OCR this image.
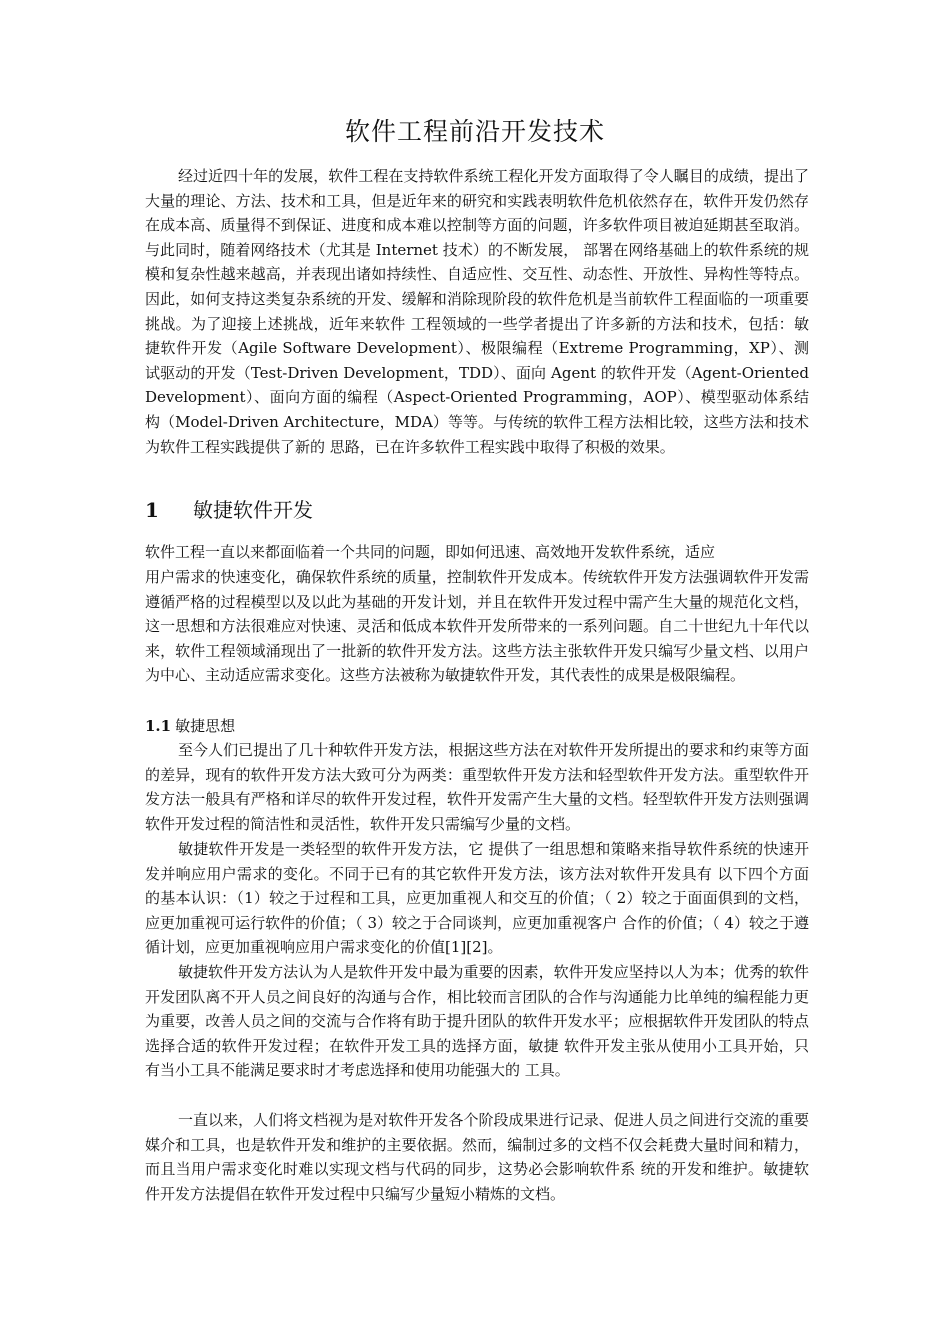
软件工程前沿开发技术

经过近四十年的发展，软件工程在支持软件系统工程化开发方面取得了令人瞩目的成绩，提出了大量的理论、方法、技术和工具，但是近年来的研究和实践表明软件危机依然存在，软件开发仍然存在成本高、质量得不到保证、进度和成本难以控制等方面的问题，许多软件项目被迫延期甚至取消。与此同时，随着网络技术（尤其是 Internet 技术）的不断发展， 部署在网络基础上的软件系统的规模和复杂性越来越高，并表现出诸如持续性、自适应性、交互性、动态性、开放性、异构性等特点。因此，如何支持这类复杂系统的开发、缓解和消除现阶段的软件危机是当前软件工程面临的一项重要挑战。为了迎接上述挑战，近年来软件 工程领域的一些学者提出了许多新的方法和技术，包括：敏捷软件开发（Agile Software Development）、极限编程（Extreme Programming，XP）、测试驱动的开发（Test-Driven Development，TDD）、面向 Agent 的软件开发（Agent-Oriented Development）、面向方面的编程（Aspect-Oriented Programming，AOP）、模型驱动体系结构（Model-Driven Architecture，MDA）等等。与传统的软件工程方法相比较，这些方法和技术为软件工程实践提供了新的 思路，已在许多软件工程实践中取得了积极的效果。

1 敏捷软件开发

软件工程一直以来都面临着一个共同的问题，即如何迅速、高效地开发软件系统，适应

用户需求的快速变化，确保软件系统的质量，控制软件开发成本。传统软件开发方法强调软件开发需遵循严格的过程模型以及以此为基础的开发计划，并且在软件开发过程中需产生大量的规范化文档，这一思想和方法很难应对快速、灵活和低成本软件开发所带来的一系列问题。自二十世纪九十年代以来，软件工程领域涌现出了一批新的软件开发方法。这些方法主张软件开发只编写少量文档、以用户为中心、主动适应需求变化。这些方法被称为敏捷软件开发，其代表性的成果是极限编程。

1.1 敏捷思想

至今人们已提出了几十种软件开发方法，根据这些方法在对软件开发所提出的要求和约束等方面的差异，现有的软件开发方法大致可分为两类：重型软件开发方法和轻型软件开发方法。重型软件开发方法一般具有严格和详尽的软件开发过程，软件开发需产生大量的文档。轻型软件开发方法则强调软件开发过程的简洁性和灵活性，软件开发只需编写少量的文档。

敏捷软件开发是一类轻型的软件开发方法，它 提供了一组思想和策略来指导软件系统的快速开发并响应用户需求的变化。不同于已有的其它软件开发方法，该方法对软件开发具有 以下四个方面的基本认识：（1）较之于过程和工具，应更加重视人和交互的价值；（ 2）较之于面面俱到的文档，应更加重视可运行软件的价值；（ 3）较之于合同谈判，应更加重视客户 合作的价值；（ 4）较之于遵循计划，应更加重视响应用户需求变化的价值[1][2]。

敏捷软件开发方法认为人是软件开发中最为重要的因素，软件开发应坚持以人为本；优秀的软件开发团队离不开人员之间良好的沟通与合作，相比较而言团队的合作与沟通能力比单纯的编程能力更为重要，改善人员之间的交流与合作将有助于提升团队的软件开发水平；应根据软件开发团队的特点选择合适的软件开发过程；在软件开发工具的选择方面，敏捷 软件开发主张从使用小工具开始，只有当小工具不能满足要求时才考虑选择和使用功能强大的 工具。

一直以来，人们将文档视为是对软件开发各个阶段成果进行记录、促进人员之间进行交流的重要媒介和工具，也是软件开发和维护的主要依据。然而，编制过多的文档不仅会耗费大量时间和精力，而且当用户需求变化时难以实现文档与代码的同步，这势必会影响软件系 统的开发和维护。敏捷软件开发方法提倡在软件开发过程中只编写少量短小精炼的文档。
